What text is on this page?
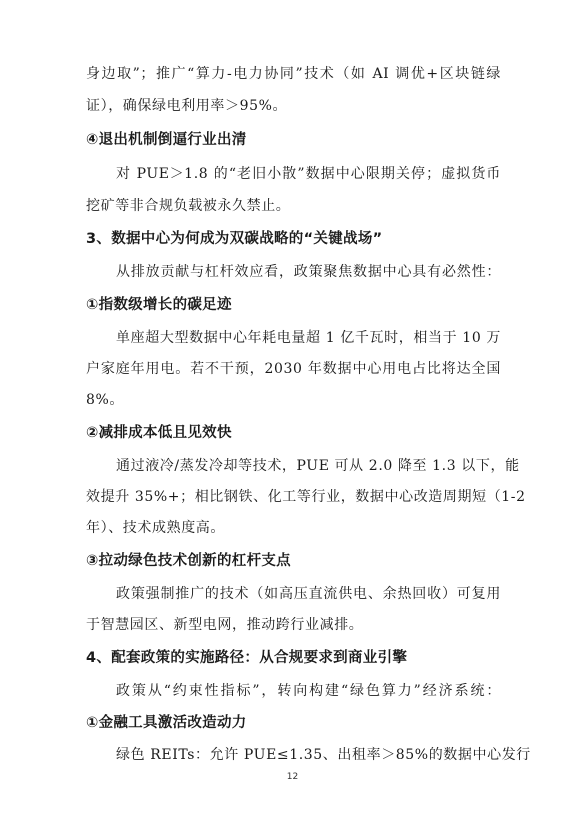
身边取”；推广“算力-电力协同”技术（如 AI 调优+区块链绿
证），确保绿电利用率＞95%。
④退出机制倒逼行业出清
对 PUE＞1.8 的“老旧小散”数据中心限期关停；虚拟货币
挖矿等非合规负载被永久禁止。
3、数据中心为何成为双碳战略的“关键战场”
从排放贡献与杠杆效应看，政策聚焦数据中心具有必然性：
①指数级增长的碳足迹
单座超大型数据中心年耗电量超 1 亿千瓦时，相当于 10 万
户家庭年用电。若不干预，2030 年数据中心用电占比将达全国
8%。
②减排成本低且见效快
通过液冷/蒸发冷却等技术，PUE 可从 2.0 降至 1.3 以下，能
效提升 35%+；相比钢铁、化工等行业，数据中心改造周期短（1-2
年）、技术成熟度高。
③拉动绿色技术创新的杠杆支点
政策强制推广的技术（如高压直流供电、余热回收）可复用
于智慧园区、新型电网，推动跨行业减排。
4、配套政策的实施路径：从合规要求到商业引擎
政策从“约束性指标”，转向构建“绿色算力”经济系统：
①金融工具激活改造动力
绿色 REITs：允许 PUE≤1.35、出租率＞85%的数据中心发行
12
